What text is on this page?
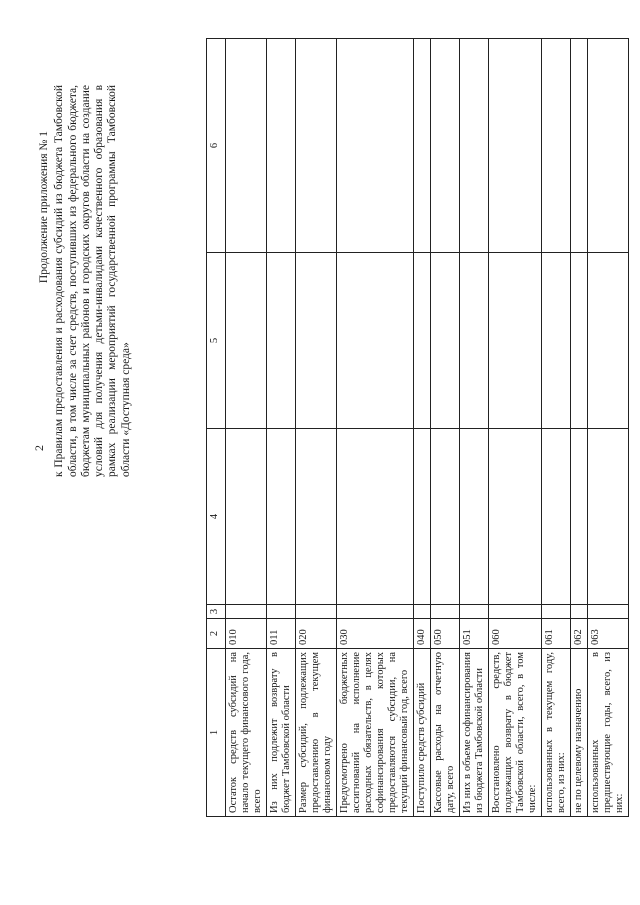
2
Продолжение приложения № 1 к Правилам предоставления и расходования субсидий из бюджета Тамбовской области, в том числе за счет средств, поступивших из федерального бюджета, бюджетам муниципальных районов и городских округов области на создание условий для получения детьми-инвалидами качественного образования в рамках реализации мероприятий государственной программы Тамбовской области «Доступная среда»
1	2	3	4	5	6
Остаток средств субсидий на начало текущего финансового года, всего	010				
Из них подлежит возврату в бюджет Тамбовской области	011				
Размер субсидий, подлежащих предоставлению в текущем финансовом году	020				
Предусмотрено бюджетных ассигнований на исполнение расходных обязательств, в целях софинансирования которых предоставляются субсидии, на текущий финансовый год, всего	030				
Поступило средств субсидий	040				
Кассовые расходы на отчетную дату, всего	050				
Из них в объеме софинансирования из бюджета Тамбовской области	051				
Восстановлено средств, подлежащих возврату в бюджет Тамбовской области, всего, в том числе:	060				
использованных в текущем году, всего, из них:	061				
не по целевому назначению	062				
использованных в предшествующие годы, всего, из них:	063				
